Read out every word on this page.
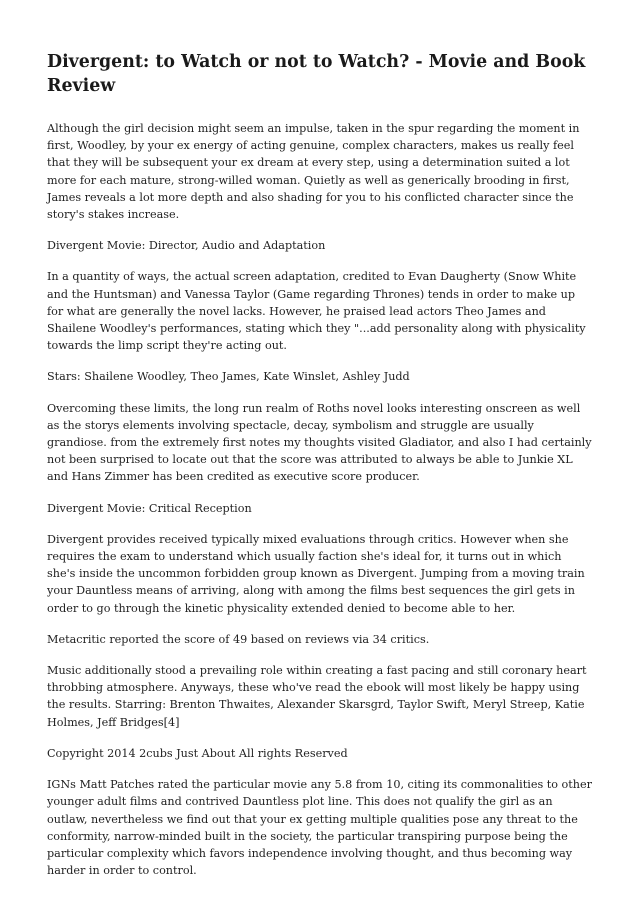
Divergent: to Watch or not to Watch? - Movie and Book Review

Although the girl decision might seem an impulse, taken in the spur regarding the moment in first, Woodley, by your ex energy of acting genuine, complex characters, makes us really feel that they will be subsequent your ex dream at every step, using a determination suited a lot more for each mature, strong-willed woman. Quietly as well as generically brooding in first, James reveals a lot more depth and also shading for you to his conflicted character since the story's stakes increase.

Divergent Movie: Director, Audio and Adaptation

In a quantity of ways, the actual screen adaptation, credited to Evan Daugherty (Snow White and the Huntsman) and Vanessa Taylor (Game regarding Thrones) tends in order to make up for what are generally the novel lacks. However, he praised lead actors Theo James and Shailene Woodley's performances, stating which they "...add personality along with physicality towards the limp script they're acting out.

Stars: Shailene Woodley, Theo James, Kate Winslet, Ashley Judd

Overcoming these limits, the long run realm of Roths novel looks interesting onscreen as well as the storys elements involving spectacle, decay, symbolism and struggle are usually grandiose. from the extremely first notes my thoughts visited Gladiator, and also I had certainly not been surprised to locate out that the score was attributed to always be able to Junkie XL and Hans Zimmer has been credited as executive score producer.

Divergent Movie: Critical Reception

Divergent provides received typically mixed evaluations through critics. However when she requires the exam to understand which usually faction she's ideal for, it turns out in which she's inside the uncommon forbidden group known as Divergent. Jumping from a moving train your Dauntless means of arriving, along with among the films best sequences the girl gets in order to go through the kinetic physicality extended denied to become able to her.

Metacritic reported the score of 49 based on reviews via 34 critics.

Music additionally stood a prevailing role within creating a fast pacing and still coronary heart throbbing atmosphere. Anyways, these who've read the ebook will most likely be happy using the results. Starring: Brenton Thwaites, Alexander Skarsgrd, Taylor Swift, Meryl Streep, Katie Holmes, Jeff Bridges[4]

Copyright 2014 2cubs Just About All rights Reserved

IGNs Matt Patches rated the particular movie any 5.8 from 10, citing its commonalities to other younger adult films and contrived Dauntless plot line. This does not qualify the girl as an outlaw, nevertheless we find out that your ex getting multiple qualities pose any threat to the conformity, narrow-minded built in the society, the particular transpiring purpose being the particular complexity which favors independence involving thought, and thus becoming way harder in order to control.
